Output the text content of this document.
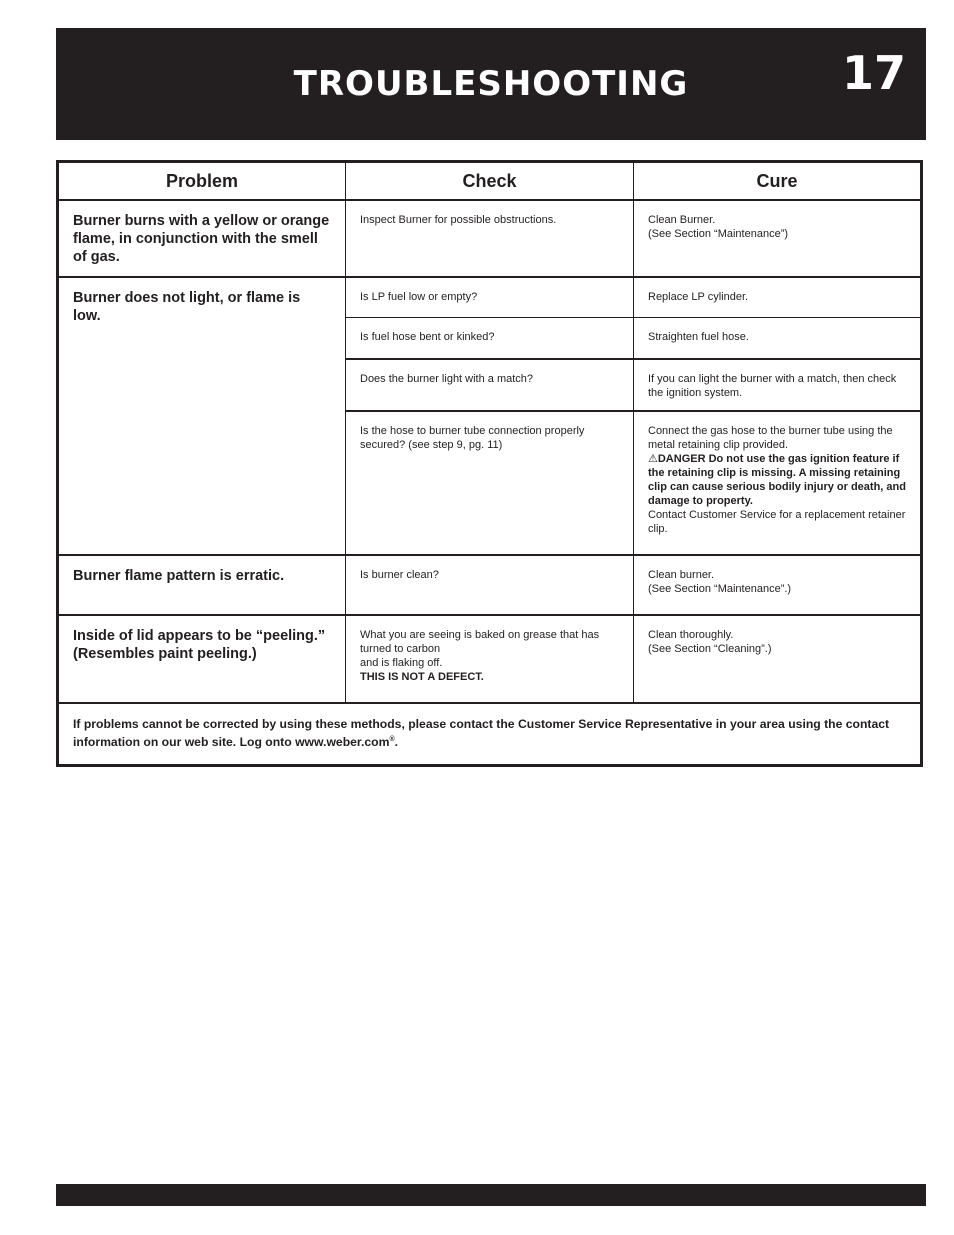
TROUBLESHOOTING	17
Problem	Check	Cure
Burner burns with a yellow or orange flame, in conjunction with the smell of gas.	Inspect Burner for possible obstructions.	Clean Burner.
(See Section “Maintenance”)

Burner does not light, or flame is low.	Is LP fuel low or empty?	Replace LP cylinder.

	Is fuel hose bent or kinked?	Straighten fuel hose.

	Does the burner light with a match?	If you can light the burner with a match, then check the ignition system.

	Is the hose to burner tube connection properly secured? (see step 9, pg. 11)	Connect the gas hose to the burner tube using the metal retaining clip provided.
⚠DANGER Do not use the gas ignition feature if the retaining clip is missing. A missing retaining clip can cause serious bodily injury or death, and damage to property.
Contact Customer Service for a replacement retainer clip.

Burner flame pattern is erratic.	Is burner clean?	Clean burner.
(See Section “Maintenance”.)

Inside of lid appears to be “peeling.” (Resembles paint peeling.)	What you are seeing is baked on grease that has turned to carbon
and is flaking off.
THIS IS NOT A DEFECT.	Clean thoroughly.
(See Section “Cleaning”.)

If problems cannot be corrected by using these methods, please contact the Customer Service Representative in your area using the contact information on our web site. Log onto www.weber.com®.		
